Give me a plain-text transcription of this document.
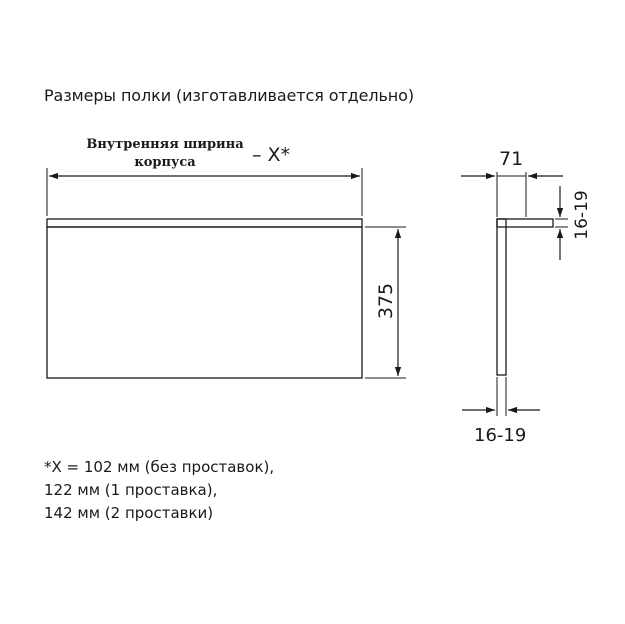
Размеры полки (изготавливается отдельно)
Внутренняя ширина
корпуса	– X*
375
71
16-19
16-19
*X = 102 мм (без проставок),
122 мм (1 проставка),
142 мм (2 проставки)
